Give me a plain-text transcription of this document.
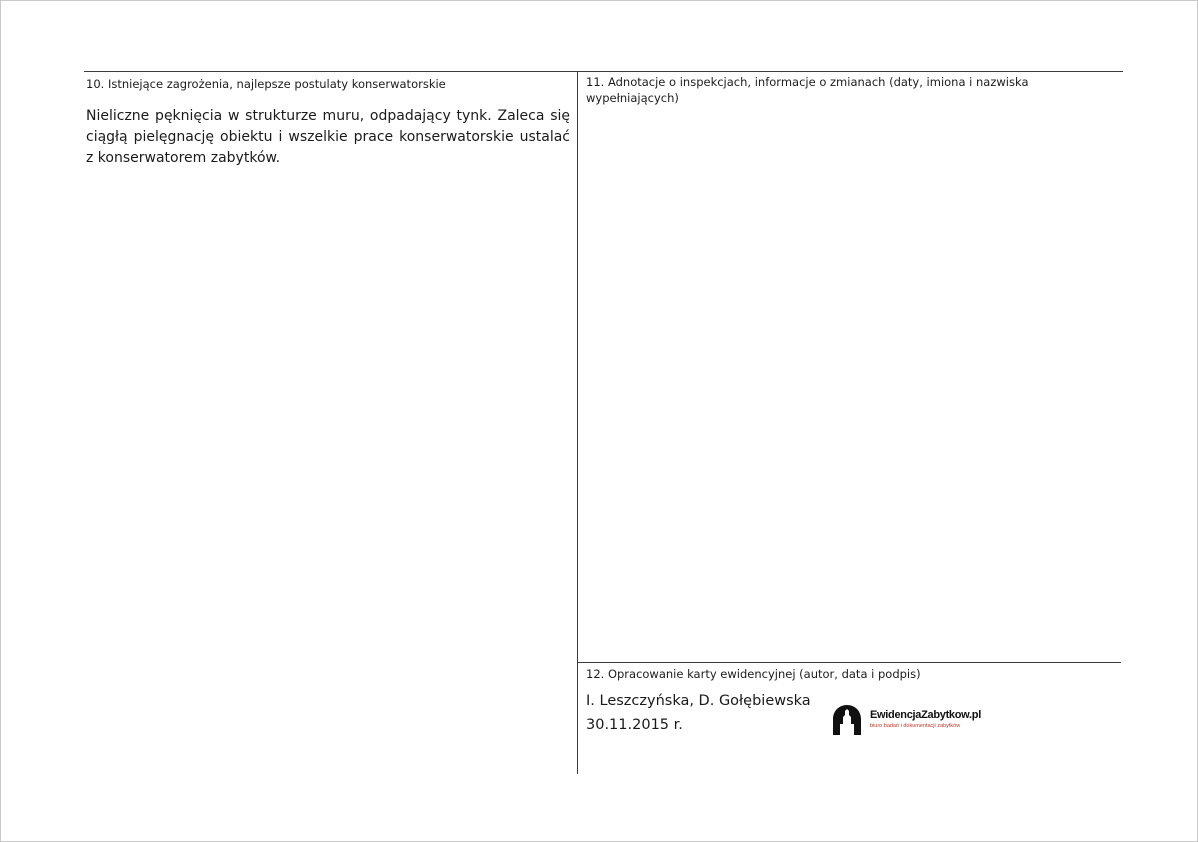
10. Istniejące zagrożenia, najlepsze postulaty konserwatorskie
Nieliczne pęknięcia w strukturze muru, odpadający tynk. Zaleca się ciągłą pielęgnację obiektu i wszelkie prace konserwatorskie ustalać z konserwatorem zabytków.
11. Adnotacje o inspekcjach, informacje o zmianach (daty, imiona i nazwiska wypełniających)
12. Opracowanie karty ewidencyjnej (autor, data i podpis)
I. Leszczyńska, D. Gołębiewska
30.11.2015 r.
EwidencjaZabytkow.pl
biuro badań i dokumentacji zabytków
